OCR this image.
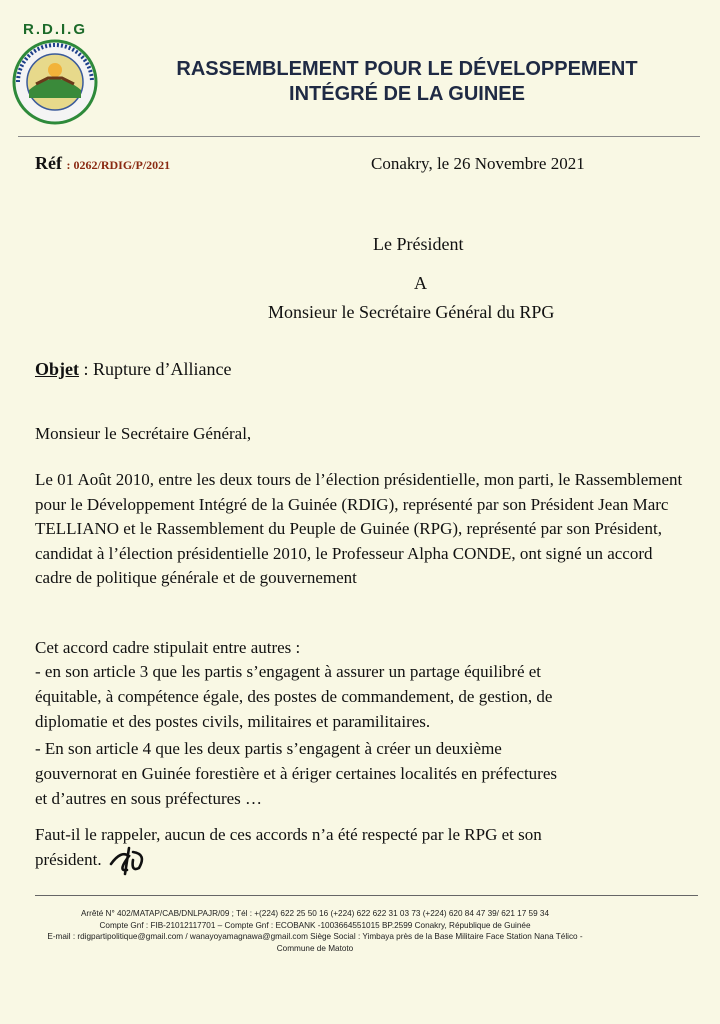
R.D.I.G
RASSEMBLEMENT POUR LE DÉVELOPPEMENT
INTÉGRÉ DE LA GUINEE
Réf : 0262/RDIG/P/2021	Conakry, le 26 Novembre 2021
Le Président
A
Monsieur le Secrétaire Général du RPG
Objet : Rupture d’Alliance
Monsieur le Secrétaire Général,
Le 01 Août 2010, entre les deux tours de l’élection présidentielle, mon parti, le Rassemblement pour le Développement Intégré de la Guinée (RDIG), représenté par son Président Jean Marc TELLIANO et le Rassemblement du Peuple de Guinée (RPG), représenté par son Président, candidat à l’élection présidentielle 2010, le Professeur Alpha CONDE, ont signé un accord cadre de politique générale et de gouvernement
Cet accord cadre stipulait entre autres :
- en son article 3 que les partis s’engagent à assurer un partage équilibré et
équitable, à compétence égale, des postes de commandement, de gestion, de
diplomatie et des postes civils, militaires et paramilitaires.
- En son article 4 que les deux partis s’engagent à créer un deuxième
gouvernorat en Guinée forestière et à ériger certaines localités en préfectures
et d’autres en sous préfectures …
Faut-il le rappeler, aucun de ces accords n’a été respecté par le RPG et son
président.
Arrêté N° 402/MATAP/CAB/DNLPAJR/09 ; Tél : +(224) 622 25 50 16 (+224) 622 622 31 03 73 (+224) 620 84 47 39/ 621 17 59 34
Compte Gnf : FIB-21012117701 – Compte Gnf : ECOBANK -1003664551015 BP.2599 Conakry, République de Guinée
E-mail : rdigpartipolitique@gmail.com / wanayoyamagnawa@gmail.com Siège Social : Yimbaya près de la Base Militaire Face Station Nana Télico -
Commune de Matoto
